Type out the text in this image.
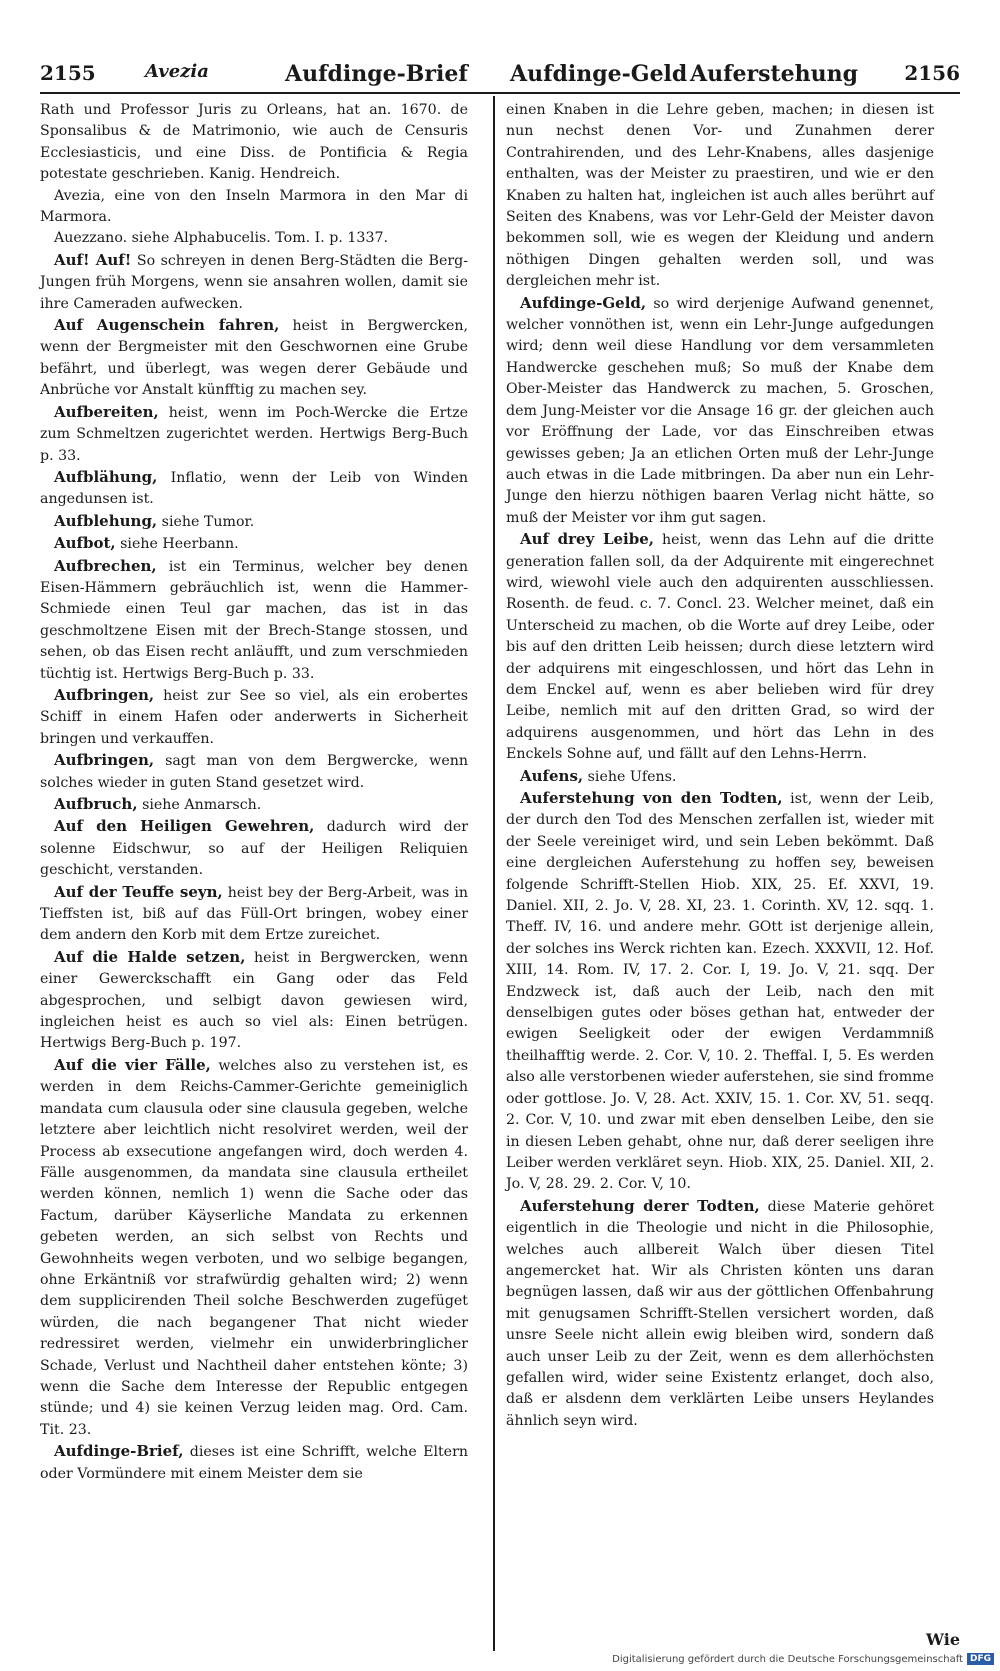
2155	Avezia	Aufdinge-Brief Aufdinge-Geld Auferstehung 2156

Rath und Professor Juris zu Orleans, hat an. 1670. de Sponsalibus & de Matrimonio, wie auch de Censuris Ecclesiasticis, und eine Diss. de Pontificia & Regia potestate geschrieben. Kanig. Hendreich.

Avezia, eine von den Inseln Marmora in den Mar di Marmora.

Auezzano. siehe Alphabucelis. Tom. I. p. 1337.

Auf! Auf! So schreyen in denen Berg-Städten die Berg-Jungen früh Morgens, wenn sie ansahren wollen, damit sie ihre Cameraden aufwecken.

Auf Augenschein fahren, heist in Bergwercken, wenn der Bergmeister mit den Geschwornen eine Grube befährt, und überlegt, was wegen derer Gebäude und Anbrüche vor Anstalt künfftig zu machen sey.

Aufbereiten, heist, wenn im Poch-Wercke die Ertze zum Schmeltzen zugerichtet werden. Hertwigs Berg-Buch p. 33.

Aufblähung, Inflatio, wenn der Leib von Winden angedunsen ist.

Aufblehung, siehe Tumor.

Aufbot, siehe Heerbann.

Aufbrechen, ist ein Terminus, welcher bey denen Eisen-Hämmern gebräuchlich ist, wenn die Hammer-Schmiede einen Teul gar machen, das ist in das geschmoltzene Eisen mit der Brech-Stange stossen, und sehen, ob das Eisen recht anläufft, und zum verschmieden tüchtig ist. Hertwigs Berg-Buch p. 33.

Aufbringen, heist zur See so viel, als ein erobertes Schiff in einem Hafen oder anderwerts in Sicherheit bringen und verkauffen.

Aufbringen, sagt man von dem Bergwercke, wenn solches wieder in guten Stand gesetzet wird.

Aufbruch, siehe Anmarsch.

Auf den Heiligen Gewehren, dadurch wird der solenne Eidschwur, so auf der Heiligen Reliquien geschicht, verstanden.

Auf der Teuffe seyn, heist bey der Berg-Arbeit, was in Tieffsten ist, biß auf das Füll-Ort bringen, wobey einer dem andern den Korb mit dem Ertze zureichet.

Auf die Halde setzen, heist in Bergwercken, wenn einer Gewerckschafft ein Gang oder das Feld abgesprochen, und selbigt davon gewiesen wird, ingleichen heist es auch so viel als: Einen betrügen. Hertwigs Berg-Buch p. 197.

Auf die vier Fälle, welches also zu verstehen ist, es werden in dem Reichs-Cammer-Gerichte gemeiniglich mandata cum clausula oder sine clausula gegeben, welche letztere aber leichtlich nicht resolviret werden, weil der Process ab exsecutione angefangen wird, doch werden 4. Fälle ausgenommen, da mandata sine clausula ertheilet werden können, nemlich 1) wenn die Sache oder das Factum, darüber Käyserliche Mandata zu erkennen gebeten werden, an sich selbst von Rechts und Gewohnheits wegen verboten, und wo selbige begangen, ohne Erkäntniß vor strafwürdig gehalten wird; 2) wenn dem supplicirenden Theil solche Beschwerden zugefüget würden, die nach begangener That nicht wieder redressiret werden, vielmehr ein unwiderbringlicher Schade, Verlust und Nachtheil daher entstehen könte; 3) wenn die Sache dem Interesse der Republic entgegen stünde; und 4) sie keinen Verzug leiden mag. Ord. Cam. Tit. 23.

Aufdinge-Brief, dieses ist eine Schrifft, welche Eltern oder Vormündere mit einem Meister dem sie

einen Knaben in die Lehre geben, machen; in diesen ist nun nechst denen Vor- und Zunahmen derer Contrahirenden, und des Lehr-Knabens, alles dasjenige enthalten, was der Meister zu praestiren, und wie er den Knaben zu halten hat, ingleichen ist auch alles berührt auf Seiten des Knabens, was vor Lehr-Geld der Meister davon bekommen soll, wie es wegen der Kleidung und andern nöthigen Dingen gehalten werden soll, und was dergleichen mehr ist.

Aufdinge-Geld, so wird derjenige Aufwand genennet, welcher vonnöthen ist, wenn ein Lehr-Junge aufgedungen wird; denn weil diese Handlung vor dem versammleten Handwercke geschehen muß; So muß der Knabe dem Ober-Meister das Handwerck zu machen, 5. Groschen, dem Jung-Meister vor die Ansage 16 gr. der gleichen auch vor Eröffnung der Lade, vor das Einschreiben etwas gewisses geben; Ja an etlichen Orten muß der Lehr-Junge auch etwas in die Lade mitbringen. Da aber nun ein Lehr-Junge den hierzu nöthigen baaren Verlag nicht hätte, so muß der Meister vor ihm gut sagen.

Auf drey Leibe, heist, wenn das Lehn auf die dritte generation fallen soll, da der Adquirente mit eingerechnet wird, wiewohl viele auch den adquirenten ausschliessen. Rosenth. de feud. c. 7. Concl. 23. Welcher meinet, daß ein Unterscheid zu machen, ob die Worte auf drey Leibe, oder bis auf den dritten Leib heissen; durch diese letztern wird der adquirens mit eingeschlossen, und hört das Lehn in dem Enckel auf, wenn es aber belieben wird für drey Leibe, nemlich mit auf den dritten Grad, so wird der adquirens ausgenommen, und hört das Lehn in des Enckels Sohne auf, und fällt auf den Lehns-Herrn.

Aufens, siehe Ufens.

Auferstehung von den Todten, ist, wenn der Leib, der durch den Tod des Menschen zerfallen ist, wieder mit der Seele vereiniget wird, und sein Leben bekömmt. Daß eine dergleichen Auferstehung zu hoffen sey, beweisen folgende Schrifft-Stellen Hiob. XIX, 25. Ef. XXVI, 19. Daniel. XII, 2. Jo. V, 28. XI, 23. 1. Corinth. XV, 12. sqq. 1. Theff. IV, 16. und andere mehr. GOtt ist derjenige allein, der solches ins Werck richten kan. Ezech. XXXVII, 12. Hof. XIII, 14. Rom. IV, 17. 2. Cor. I, 19. Jo. V, 21. sqq. Der Endzweck ist, daß auch der Leib, nach den mit denselbigen gutes oder böses gethan hat, entweder der ewigen Seeligkeit oder der ewigen Verdammniß theilhafftig werde. 2. Cor. V, 10. 2. Theffal. I, 5. Es werden also alle verstorbenen wieder auferstehen, sie sind fromme oder gottlose. Jo. V, 28. Act. XXIV, 15. 1. Cor. XV, 51. seqq. 2. Cor. V, 10. und zwar mit eben denselben Leibe, den sie in diesen Leben gehabt, ohne nur, daß derer seeligen ihre Leiber werden verkläret seyn. Hiob. XIX, 25. Daniel. XII, 2. Jo. V, 28. 29. 2. Cor. V, 10.

Auferstehung derer Todten, diese Materie gehöret eigentlich in die Theologie und nicht in die Philosophie, welches auch allbereit Walch über diesen Titel angemercket hat. Wir als Christen könten uns daran begnügen lassen, daß wir aus der göttlichen Offenbahrung mit genugsamen Schrifft-Stellen versichert worden, daß unsre Seele nicht allein ewig bleiben wird, sondern daß auch unser Leib zu der Zeit, wenn es dem allerhöchsten gefallen wird, wider seine Existentz erlanget, doch also, daß er alsdenn dem verklärten Leibe unsers Heylandes ähnlich seyn wird.

Wie
Digitalisierung gefördert durch die Deutsche Forschungsgemeinschaft DFG
